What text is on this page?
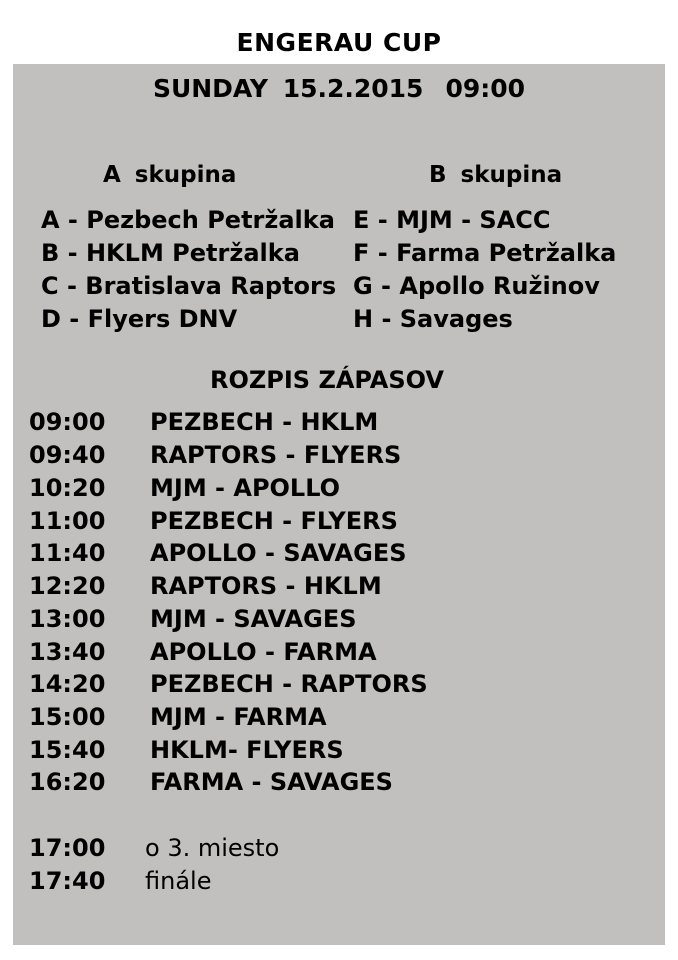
ENGERAU CUP
SUNDAY 15.2.2015 09:00
A skupina	B skupina
A - Pezbech Petržalka
B - HKLM Petržalka
C - Bratislava Raptors
D - Flyers DNV
E - MJM - SACC
F - Farma Petržalka
G - Apollo Ružinov
H - Savages
ROZPIS ZÁPASOV
09:00 PEZBECH - HKLM
09:40 RAPTORS - FLYERS
10:20 MJM - APOLLO
11:00 PEZBECH - FLYERS
11:40 APOLLO - SAVAGES
12:20 RAPTORS - HKLM
13:00 MJM - SAVAGES
13:40 APOLLO - FARMA
14:20 PEZBECH - RAPTORS
15:00 MJM - FARMA
15:40 HKLM- FLYERS
16:20 FARMA - SAVAGES
17:00 o 3. miesto
17:40 finále
